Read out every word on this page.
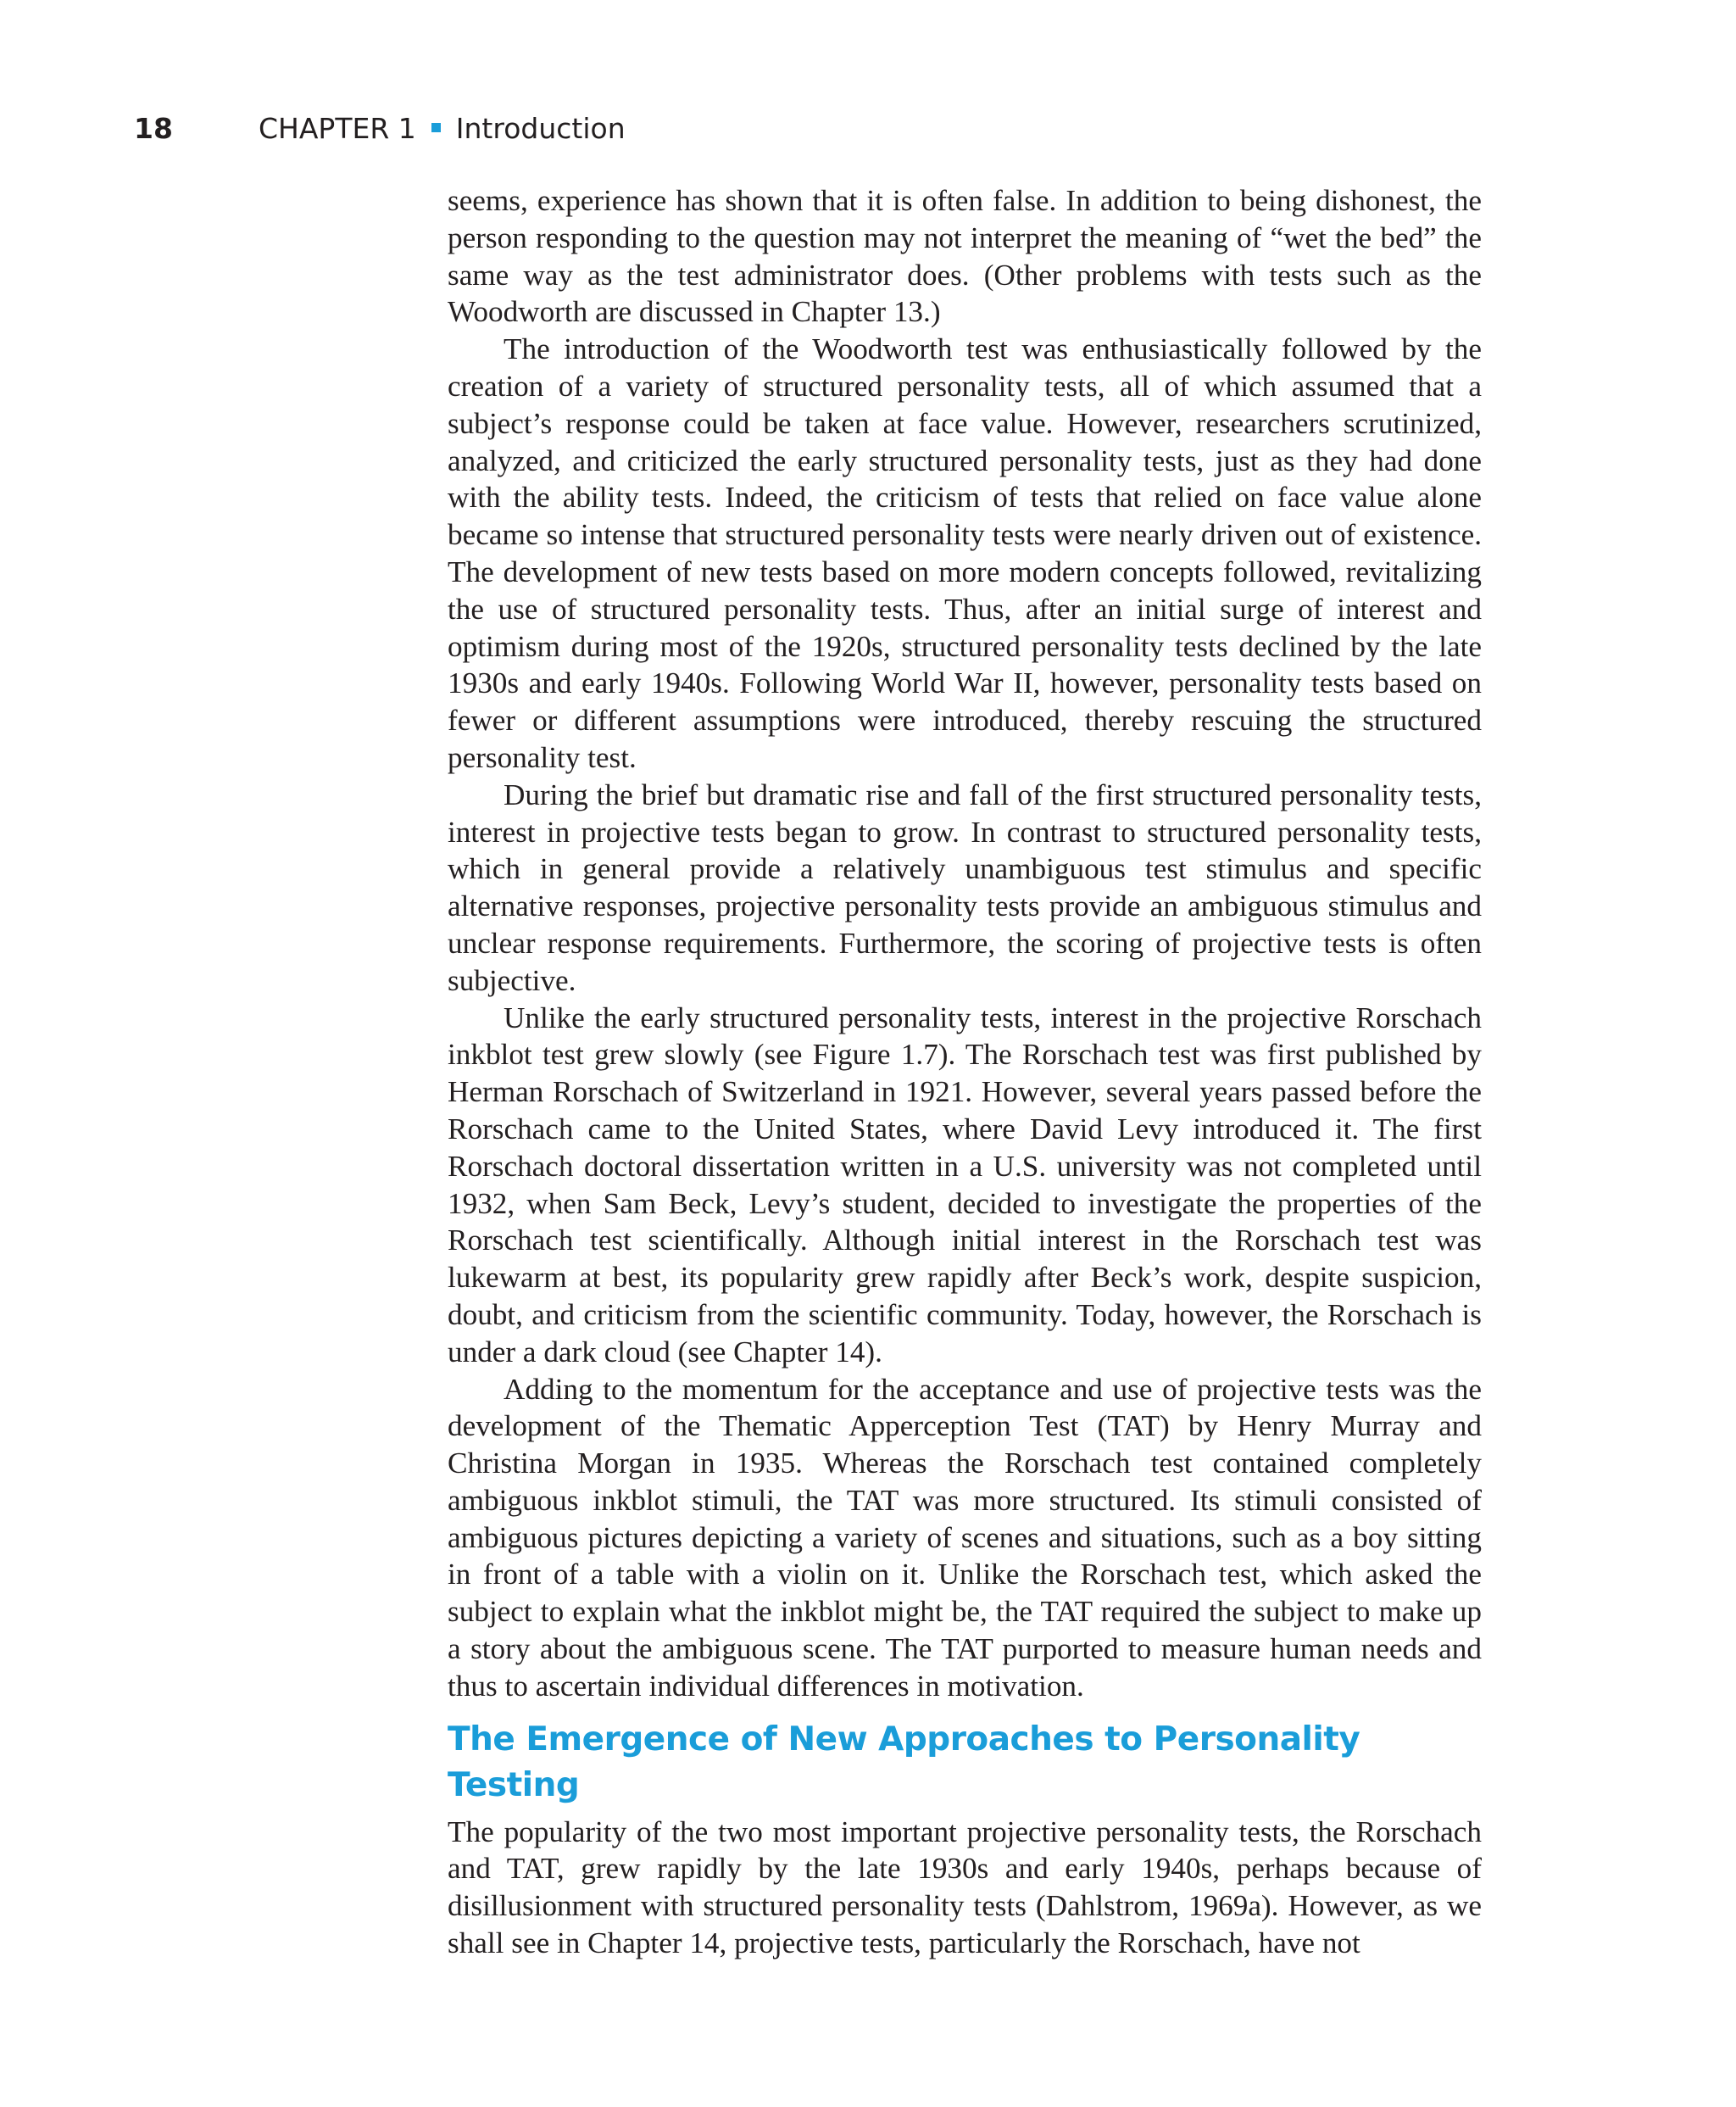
18	CHAPTER 1 Introduction

seems, experience has shown that it is often false. In addition to being dishonest, the person responding to the question may not interpret the meaning of “wet the bed” the same way as the test administrator does. (Other problems with tests such as the Woodworth are discussed in Chapter 13.)

The introduction of the Woodworth test was enthusiastically followed by the creation of a variety of structured personality tests, all of which assumed that a subject’s response could be taken at face value. However, researchers scrutinized, analyzed, and criticized the early structured personality tests, just as they had done with the ability tests. Indeed, the criticism of tests that relied on face value alone became so intense that structured personality tests were nearly driven out of existence. The development of new tests based on more modern concepts followed, revitalizing the use of structured personality tests. Thus, after an initial surge of interest and optimism during most of the 1920s, structured personality tests declined by the late 1930s and early 1940s. Following World War II, however, personality tests based on fewer or different assumptions were introduced, thereby rescuing the structured personality test.

During the brief but dramatic rise and fall of the first structured personality tests, interest in projective tests began to grow. In contrast to structured personality tests, which in general provide a relatively unambiguous test stimulus and specific alternative responses, projective personality tests provide an ambiguous stimulus and unclear response requirements. Furthermore, the scoring of projective tests is often subjective.

Unlike the early structured personality tests, interest in the projective Rorschach inkblot test grew slowly (see Figure 1.7). The Rorschach test was first published by Herman Rorschach of Switzerland in 1921. However, several years passed before the Rorschach came to the United States, where David Levy introduced it. The first Rorschach doctoral dissertation written in a U.S. university was not completed until 1932, when Sam Beck, Levy’s student, decided to investigate the properties of the Rorschach test scientifically. Although initial interest in the Rorschach test was lukewarm at best, its popularity grew rapidly after Beck’s work, despite suspicion, doubt, and criticism from the scientific community. Today, however, the Rorschach is under a dark cloud (see Chapter 14).

Adding to the momentum for the acceptance and use of projective tests was the development of the Thematic Apperception Test (TAT) by Henry Murray and Christina Morgan in 1935. Whereas the Rorschach test contained completely ambiguous inkblot stimuli, the TAT was more structured. Its stimuli consisted of ambiguous pictures depicting a variety of scenes and situations, such as a boy sitting in front of a table with a violin on it. Unlike the Rorschach test, which asked the subject to explain what the inkblot might be, the TAT required the subject to make up a story about the ambiguous scene. The TAT purported to measure human needs and thus to ascertain individual differences in motivation.

The Emergence of New Approaches to Personality Testing

The popularity of the two most important projective personality tests, the Rorschach and TAT, grew rapidly by the late 1930s and early 1940s, perhaps because of disillusionment with structured personality tests (Dahlstrom, 1969a). However, as we shall see in Chapter 14, projective tests, particularly the Rorschach, have not
